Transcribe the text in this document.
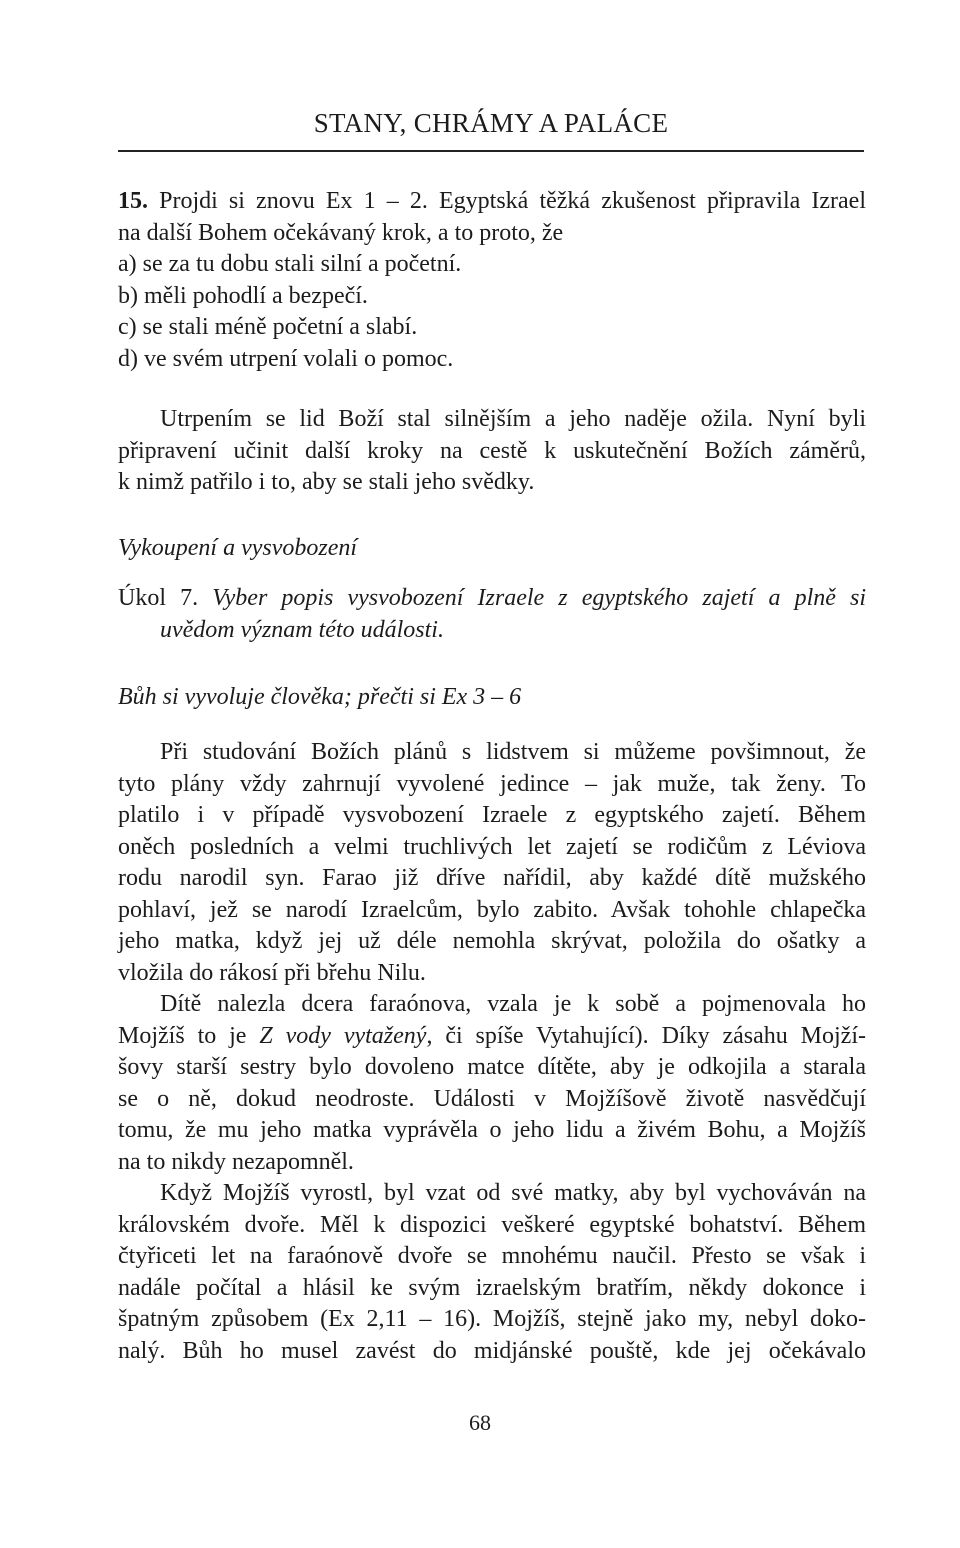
STANY, CHRÁMY A PALÁCE
15. Projdi si znovu Ex 1 – 2. Egyptská těžká zkušenost připravila Izrael
na další Bohem očekávaný krok, a to proto, že
a) se za tu dobu stali silní a početní.
b) měli pohodlí a bezpečí.
c) se stali méně početní a slabí.
d) ve svém utrpení volali o pomoc.
Utrpením se lid Boží stal silnějším a jeho naděje ožila. Nyní byli
připravení učinit další kroky na cestě k uskutečnění Božích záměrů,
k nimž patřilo i to, aby se stali jeho svědky.
Vykoupení a vysvobození
Úkol 7. Vyber popis vysvobození Izraele z egyptského zajetí a plně si
uvědom význam této události.
Bůh si vyvoluje člověka; přečti si Ex 3 – 6
Při studování Božích plánů s lidstvem si můžeme povšimnout, že
tyto plány vždy zahrnují vyvolené jedince – jak muže, tak ženy. To
platilo i v případě vysvobození Izraele z egyptského zajetí. Během
oněch posledních a velmi truchlivých let zajetí se rodičům z Léviova
rodu narodil syn. Farao již dříve nařídil, aby každé dítě mužského
pohlaví, jež se narodí Izraelcům, bylo zabito. Avšak tohohle chlapečka
jeho matka, když jej už déle nemohla skrývat, položila do ošatky a
vložila do rákosí při břehu Nilu.
Dítě nalezla dcera faraónova, vzala je k sobě a pojmenovala ho
Mojžíš to je Z vody vytažený, či spíše Vytahující). Díky zásahu Mojží-
šovy starší sestry bylo dovoleno matce dítěte, aby je odkojila a starala
se o ně, dokud neodroste. Události v Mojžíšově životě nasvědčují
tomu, že mu jeho matka vyprávěla o jeho lidu a živém Bohu, a Mojžíš
na to nikdy nezapomněl.
Když Mojžíš vyrostl, byl vzat od své matky, aby byl vychováván na
královském dvoře. Měl k dispozici veškeré egyptské bohatství. Během
čtyřiceti let na faraónově dvoře se mnohému naučil. Přesto se však i
nadále počítal a hlásil ke svým izraelským bratřím, někdy dokonce i
špatným způsobem (Ex 2,11 – 16). Mojžíš, stejně jako my, nebyl doko-
nalý. Bůh ho musel zavést do midjánské pouště, kde jej očekávalo
68
